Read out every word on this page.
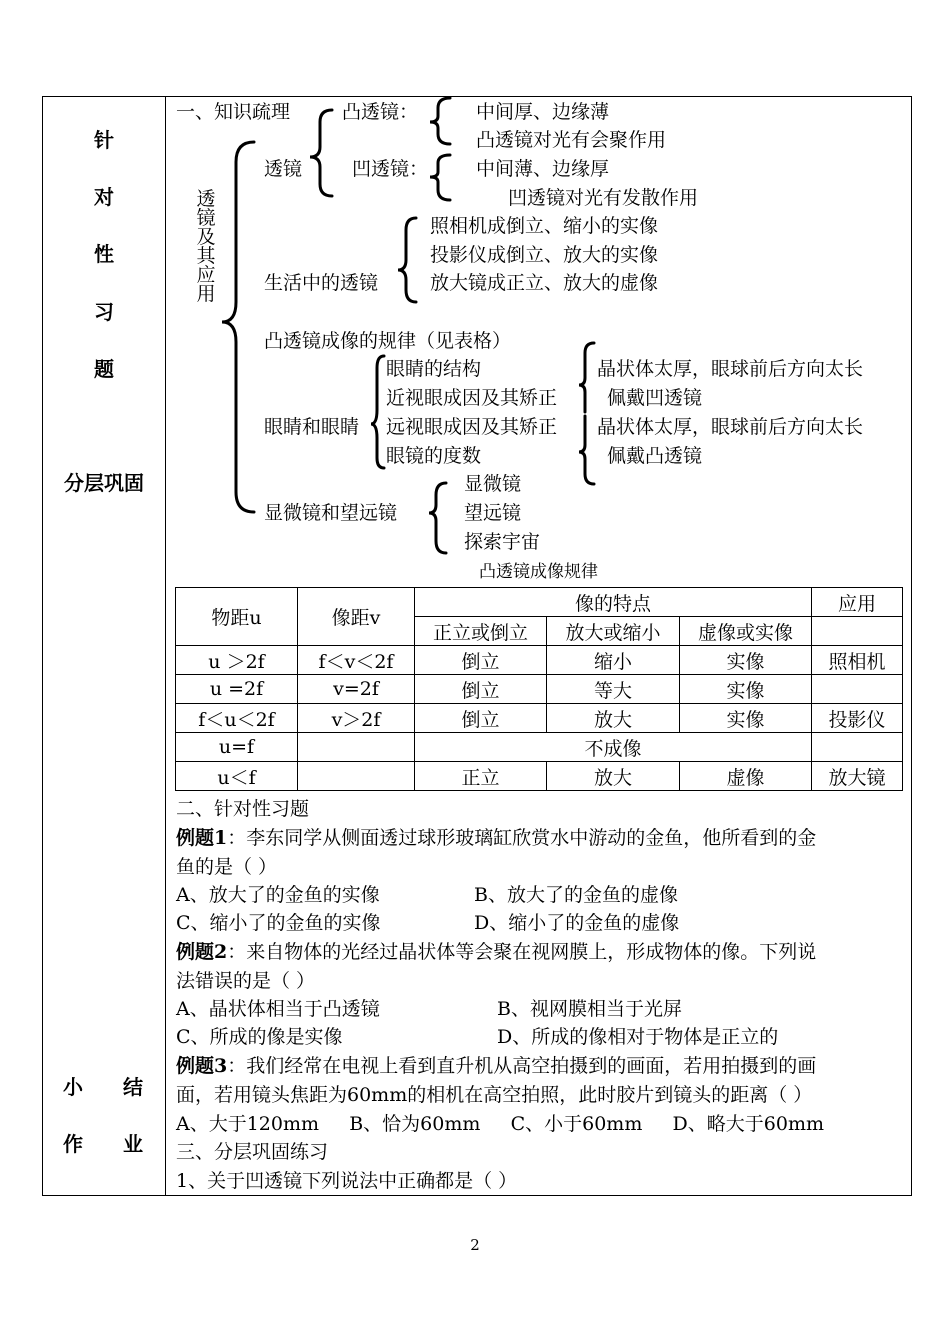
针
对
性
习
题
分层巩固
小	结
作	业
一、知识疏理
透镜及其应用
透镜
凸透镜：	中间厚、边缘薄
凸透镜对光有会聚作用
凹透镜：	中间薄、边缘厚
凹透镜对光有发散作用
生活中的透镜
照相机成倒立、缩小的实像
投影仪成倒立、放大的实像
放大镜成正立、放大的虚像
凸透镜成像的规律（见表格）
眼睛和眼睛
眼睛的结构
近视眼成因及其矫正
远视眼成因及其矫正
眼镜的度数
晶状体太厚，眼球前后方向太长
佩戴凹透镜
晶状体太厚，眼球前后方向太长
佩戴凸透镜
显微镜和望远镜
显微镜
望远镜
探索宇宙
凸透镜成像规律
物距u	像距v	像的特点			应用
		正立或倒立	放大或缩小	虚像或实像	
u ＞2f	f＜v＜2f	倒立	缩小	实像	照相机
u =2f	v=2f	倒立	等大	实像	
f＜u＜2f	v＞2f	倒立	放大	实像	投影仪
u=f		不成像			
u＜f		正立	放大	虚像	放大镜
二、针对性习题
例题1：李东同学从侧面透过球形玻璃缸欣赏水中游动的金鱼，他所看到的金
鱼的是（ ）
A、放大了的金鱼的实像	B、放大了的金鱼的虚像
C、缩小了的金鱼的实像	D、缩小了的金鱼的虚像
例题2：来自物体的光经过晶状体等会聚在视网膜上，形成物体的像。下列说
法错误的是（ ）
A、晶状体相当于凸透镜	B、视网膜相当于光屏
C、所成的像是实像	D、所成的像相对于物体是正立的
例题3：我们经常在电视上看到直升机从高空拍摄到的画面，若用拍摄到的画
面，若用镜头焦距为60mm的相机在高空拍照，此时胶片到镜头的距离（ ）
A、大于120mm     B、恰为60mm     C、小于60mm     D、略大于60mm
三、分层巩固练习
1、关于凹透镜下列说法中正确都是（ ）
2
